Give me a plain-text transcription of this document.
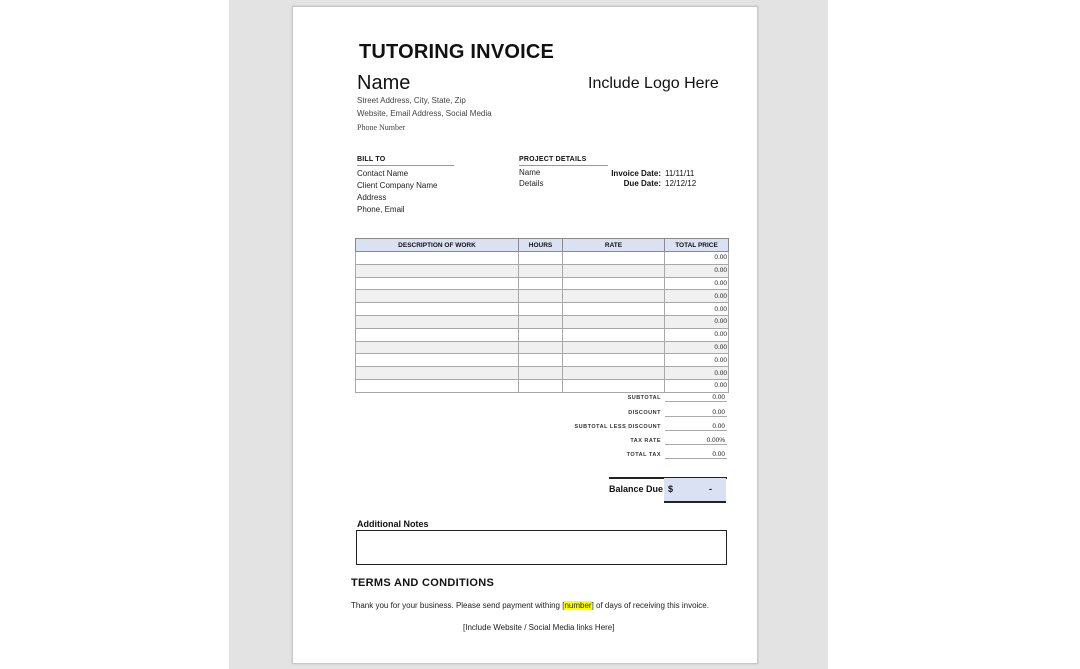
TUTORING INVOICE
Name	Include Logo Here
Street Address, City, State, Zip
Website, Email Address, Social Media
Phone Number
BILL TO
Contact Name
Client Company Name
Address
Phone, Email
PROJECT DETAILS
Name
Details
Invoice Date: 11/11/11
Due Date: 12/12/12
DESCRIPTION OF WORK	HOURS	RATE	TOTAL PRICE
			0.00
			0.00
			0.00
			0.00
			0.00
			0.00
			0.00
			0.00
			0.00
			0.00
			0.00
SUBTOTAL	0.00
DISCOUNT	0.00
SUBTOTAL LESS DISCOUNT	0.00
TAX RATE	0.00%
TOTAL TAX	0.00
Balance Due $	-
Additional Notes
TERMS AND CONDITIONS
Thank you for your business. Please send payment withing [number] of days of receiving this invoice.
[Include Website / Social Media links Here]
